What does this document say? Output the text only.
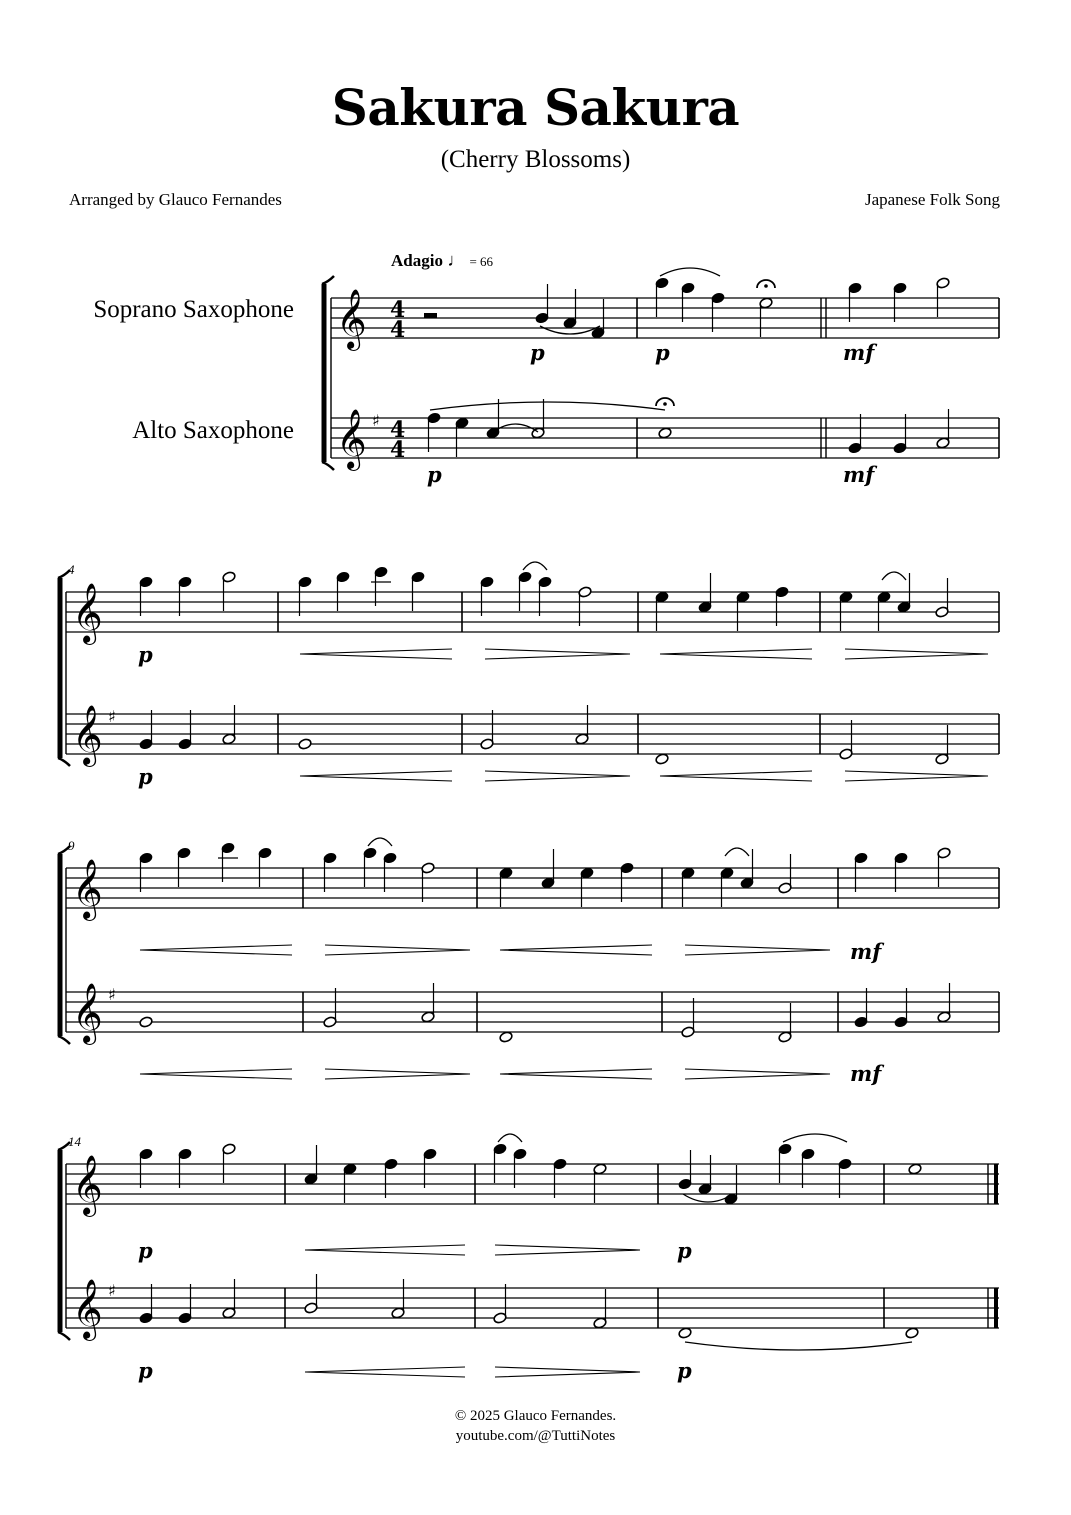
Sakura Sakura
(Cherry Blossoms)
Arranged by Glauco Fernandes	Japanese Folk Song
Adagio ♩ = 66
Soprano Saxophone
Alto Saxophone
𝄞
𝄞 ♯
4
4
4
4
p	p	mf
p	mf
𝄞
𝄞 ♯
4
p
p
𝄞
𝄞 ♯
9
mf
mf
𝄞
𝄞 ♯
14
p	p
p	p
© 2025 Glauco Fernandes.
youtube.com/@TuttiNotes
